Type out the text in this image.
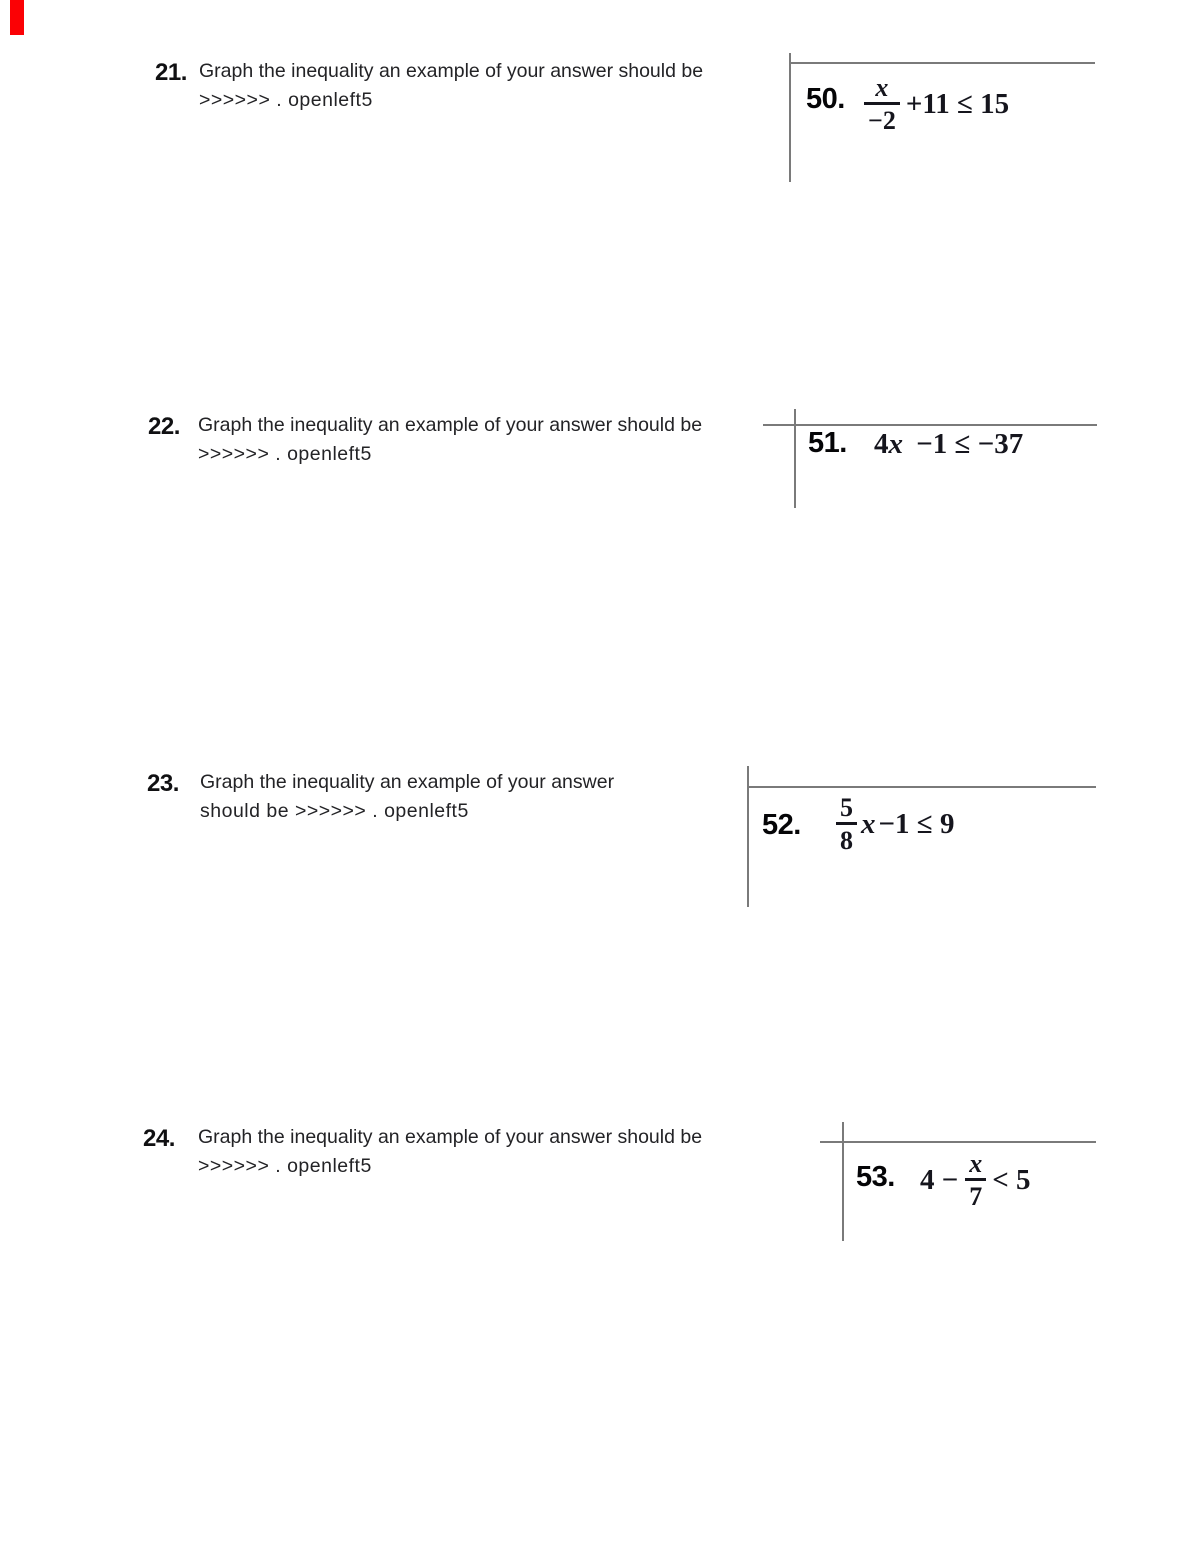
21. Graph the inequality an example of your answer should be
>>>>>> . openleft5
22. Graph the inequality an example of your answer should be
>>>>>> . openleft5
23. Graph the inequality an example of your answer
should be >>>>>> . openleft5
24. Graph the inequality an example of your answer should be
>>>>>> . openleft5
50. $\frac{x}{-2} +11 \le 15$
51. 4x −1 ≤ −37
52. $\frac{5}{8}$ x −1 ≤ 9
53. $4 - \frac{x}{7} < 5$
